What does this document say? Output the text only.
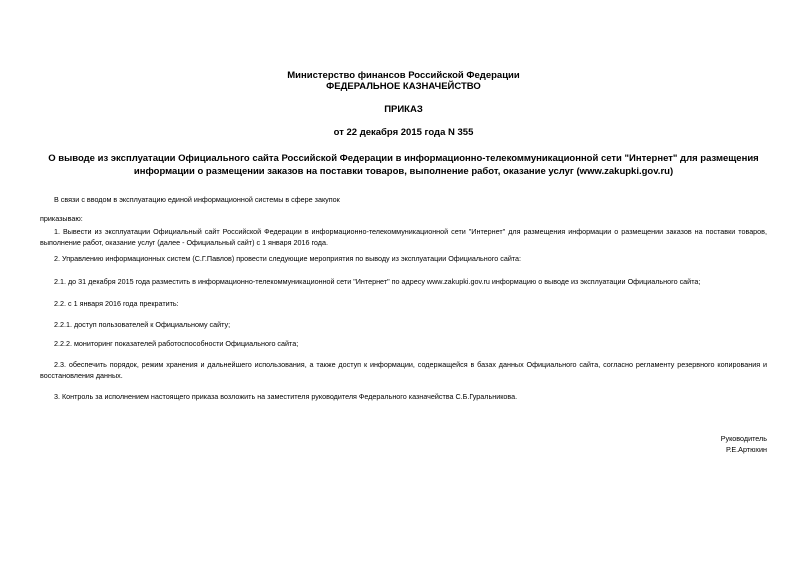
Министерство финансов Российской Федерации
ФЕДЕРАЛЬНОЕ КАЗНАЧЕЙСТВО
ПРИКАЗ
от 22 декабря 2015 года N 355
О выводе из эксплуатации Официального сайта Российской Федерации в информационно-телекоммуникационной сети "Интернет" для размещения информации о размещении заказов на поставки товаров, выполнение работ, оказание услуг (www.zakupki.gov.ru)
В связи с вводом в эксплуатацию единой информационной системы в сфере закупок
приказываю:
1. Вывести из эксплуатации Официальный сайт Российской Федерации в информационно-телекоммуникационной сети "Интернет" для размещения информации о размещении заказов на поставки товаров, выполнение работ, оказание услуг (далее - Официальный сайт) с 1 января 2016 года.
2. Управлению информационных систем (С.Г.Павлов) провести следующие мероприятия по выводу из эксплуатации Официального сайта:
2.1. до 31 декабря 2015 года разместить в информационно-телекоммуникационной сети "Интернет" по адресу www.zakupki.gov.ru информацию о выводе из эксплуатации Официального сайта;
2.2. с 1 января 2016 года прекратить:
2.2.1. доступ пользователей к Официальному сайту;
2.2.2. мониторинг показателей работоспособности Официального сайта;
2.3. обеспечить порядок, режим хранения и дальнейшего использования, а также доступ к информации, содержащейся в базах данных Официального сайта, согласно регламенту резервного копирования и восстановления данных.
3. Контроль за исполнением настоящего приказа возложить на заместителя руководителя Федерального казначейства С.Б.Гуральникова.
Руководитель
Р.Е.Артюхин
